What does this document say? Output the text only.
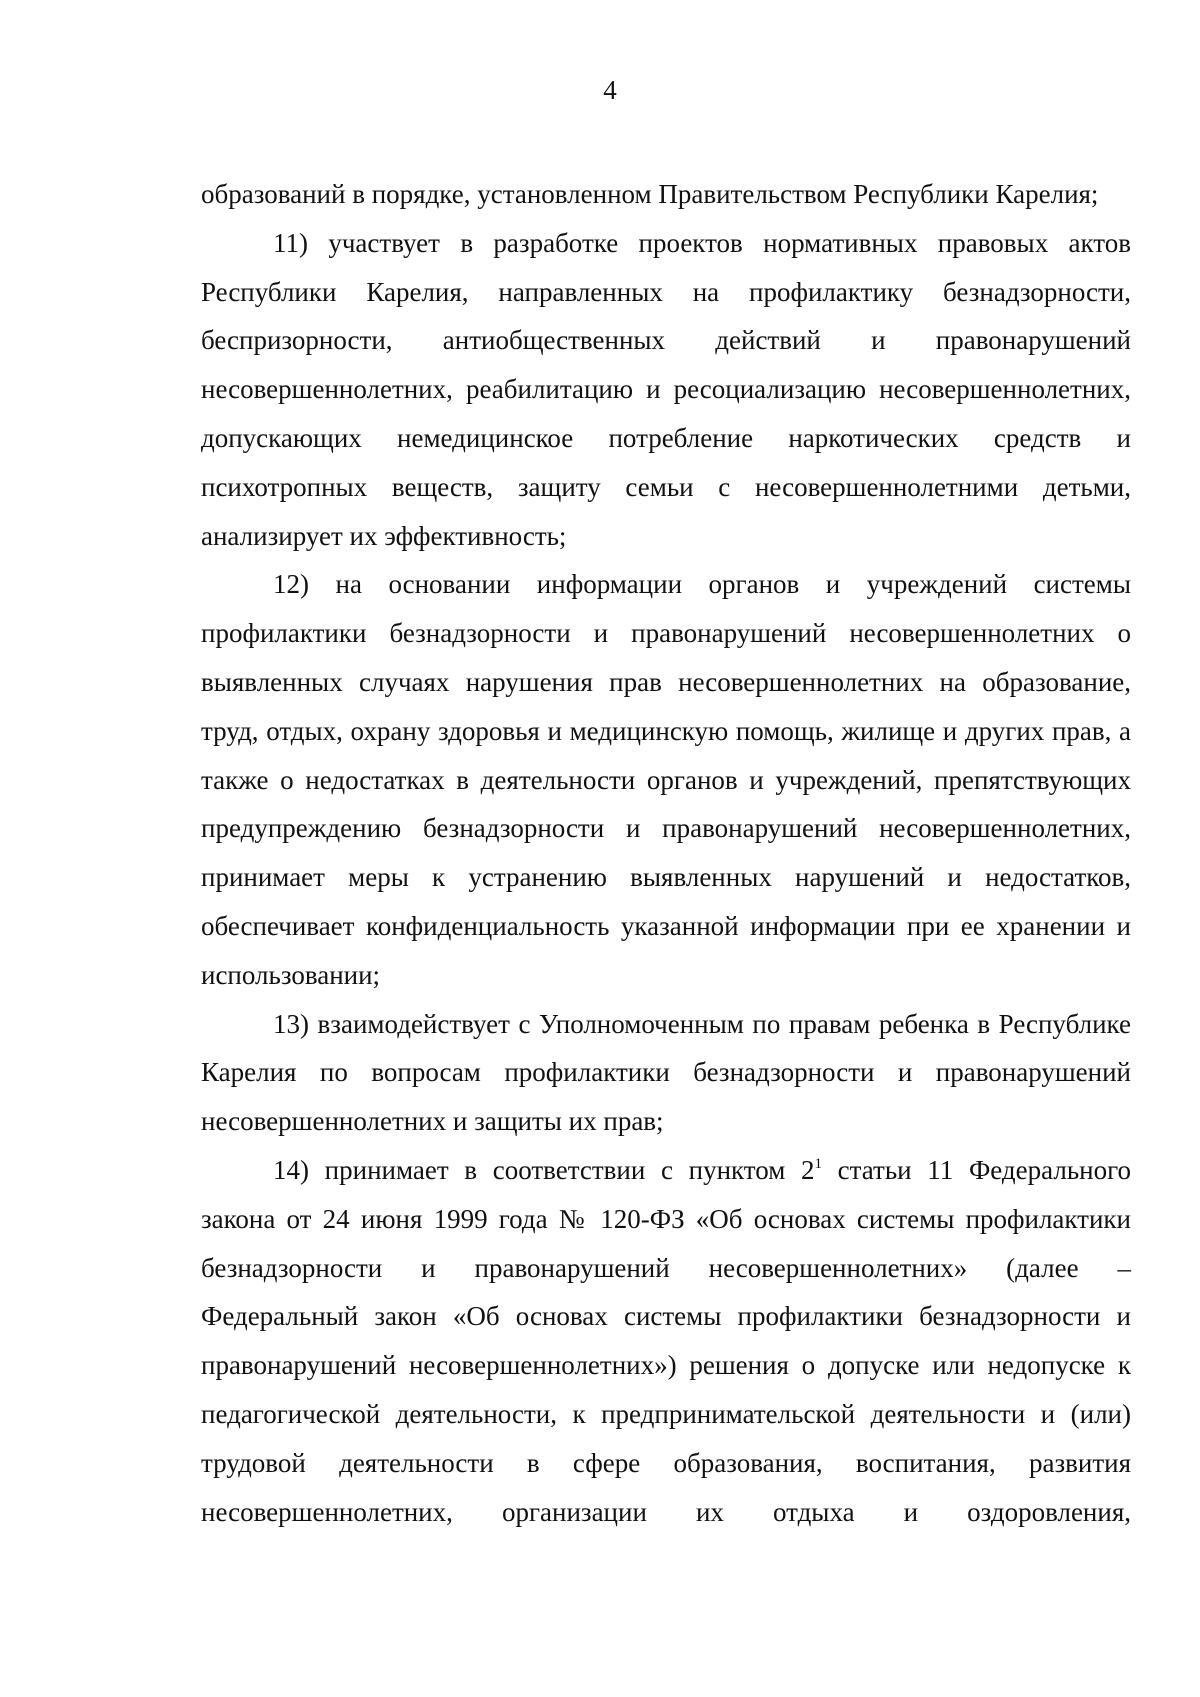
4

образований в порядке, установленном Правительством Республики Карелия;

11) участвует в разработке проектов нормативных правовых актов Республики Карелия, направленных на профилактику безнадзорности, беспризорности, антиобщественных действий и правонарушений несовершеннолетних, реабилитацию и ресоциализацию несовершеннолетних, допускающих немедицинское потребление наркотических средств и психотропных веществ, защиту семьи с несовершеннолетними детьми, анализирует их эффективность;

12) на основании информации органов и учреждений системы профилактики безнадзорности и правонарушений несовершеннолетних о выявленных случаях нарушения прав несовершеннолетних на образование, труд, отдых, охрану здоровья и медицинскую помощь, жилище и других прав, а также о недостатках в деятельности органов и учреждений, препятствующих предупреждению безнадзорности и правонарушений несовершеннолетних, принимает меры к устранению выявленных нарушений и недостатков, обеспечивает конфиденциальность указанной информации при ее хранении и использовании;

13) взаимодействует с Уполномоченным по правам ребенка в Республике Карелия по вопросам профилактики безнадзорности и правонарушений несовершеннолетних и защиты их прав;

14) принимает в соответствии с пунктом $2^1$ статьи 11 Федерального закона от 24 июня 1999 года № 120-ФЗ «Об основах системы профилактики безнадзорности и правонарушений несовершеннолетних» (далее – Федеральный закон «Об основах системы профилактики безнадзорности и правонарушений несовершеннолетних») решения о допуске или недопуске к педагогической деятельности, к предпринимательской деятельности и (или) трудовой деятельности в сфере образования, воспитания, развития несовершеннолетних, организации их отдыха и оздоровления,
